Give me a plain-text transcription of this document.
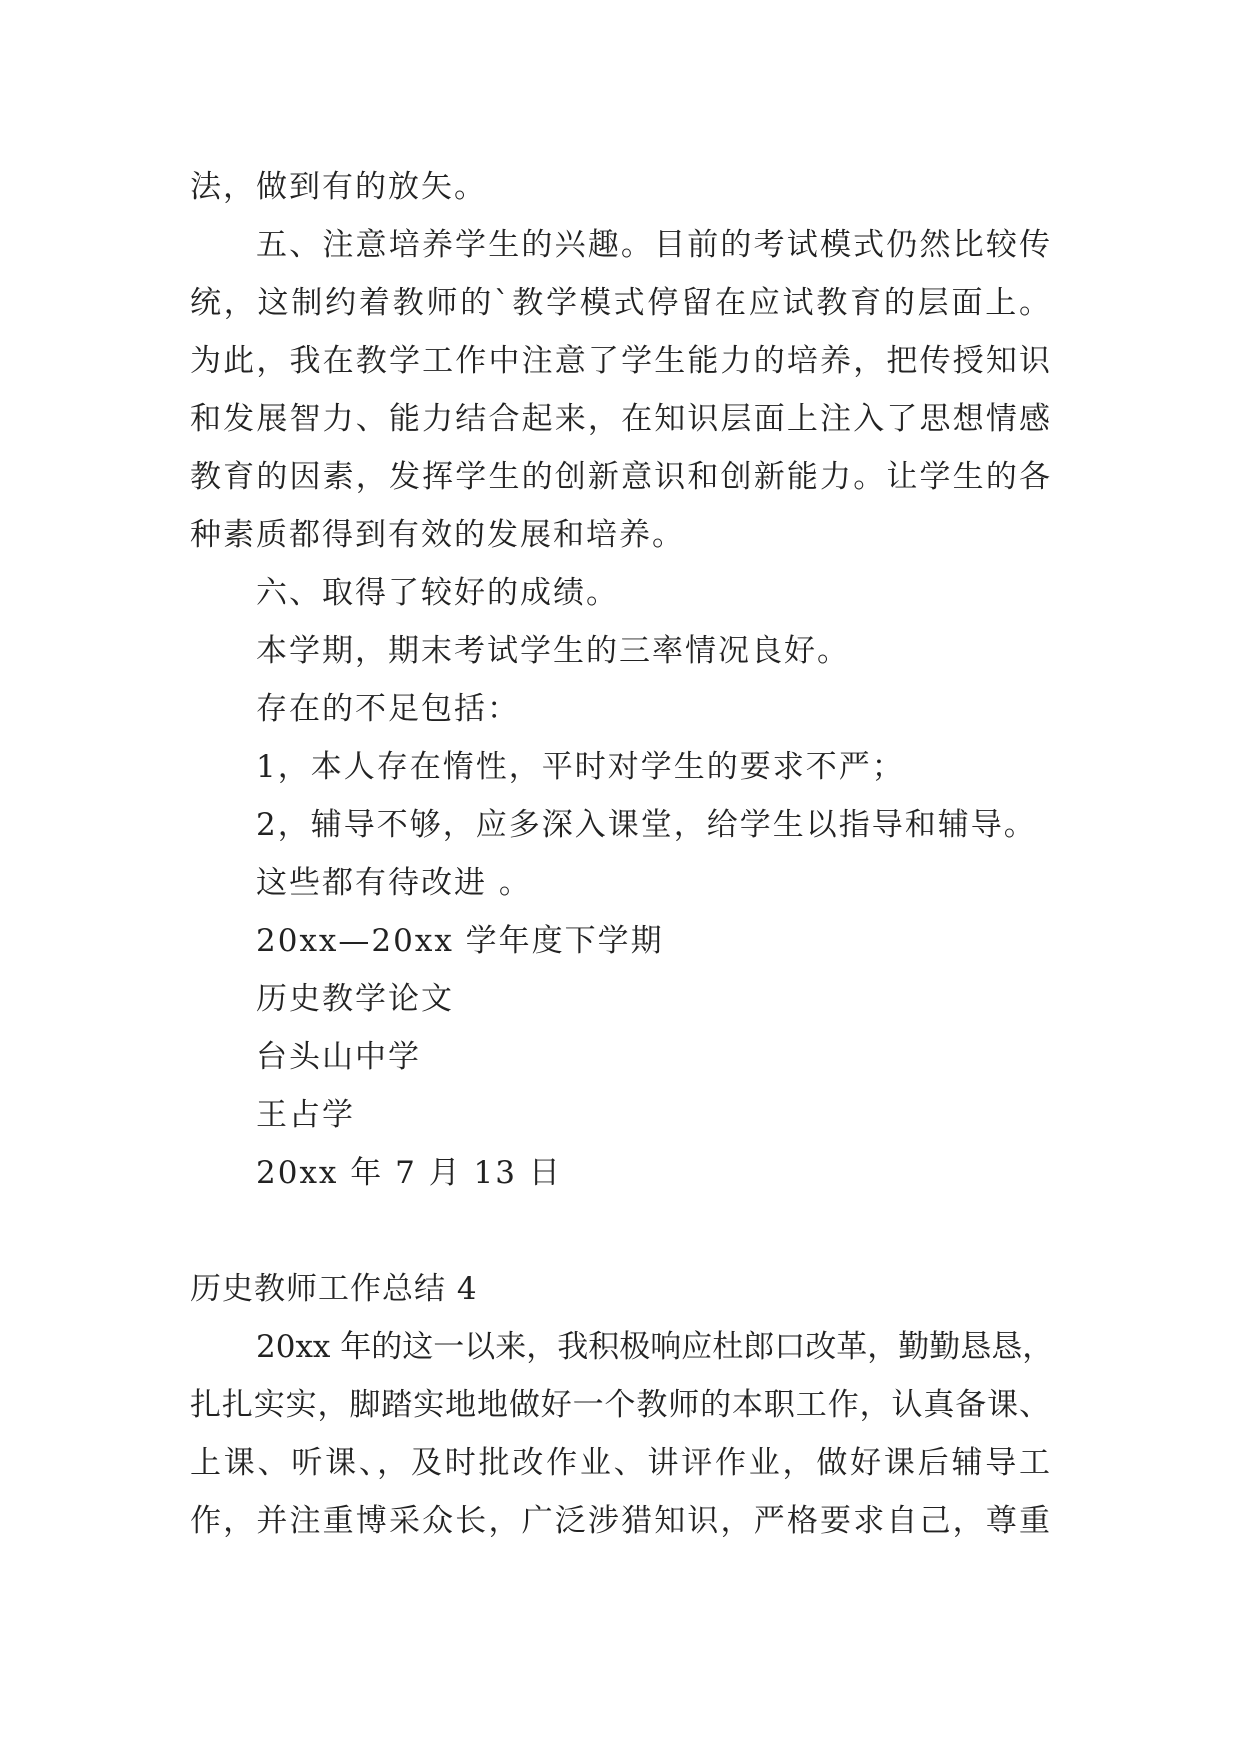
法，做到有的放矢。
五、注意培养学生的兴趣。目前的考试模式仍然比较传
统，这制约着教师的`教学模式停留在应试教育的层面上。
为此，我在教学工作中注意了学生能力的培养，把传授知识
和发展智力、能力结合起来，在知识层面上注入了思想情感
教育的因素，发挥学生的创新意识和创新能力。让学生的各
种素质都得到有效的发展和培养。
六、取得了较好的成绩。
本学期，期末考试学生的三率情况良好。
存在的不足包括：
1，本人存在惰性，平时对学生的要求不严；
2，辅导不够，应多深入课堂，给学生以指导和辅导。
这些都有待改进 。
20xx—20xx 学年度下学期
历史教学论文
台头山中学
王占学
20xx 年 7 月 13 日
历史教师工作总结 4
20xx 年的这一以来，我积极响应杜郎口改革，勤勤恳恳，
扎扎实实，脚踏实地地做好一个教师的本职工作，认真备课、
上课、听课、，及时批改作业、讲评作业，做好课后辅导工
作，并注重博采众长，广泛涉猎知识，严格要求自己，尊重
